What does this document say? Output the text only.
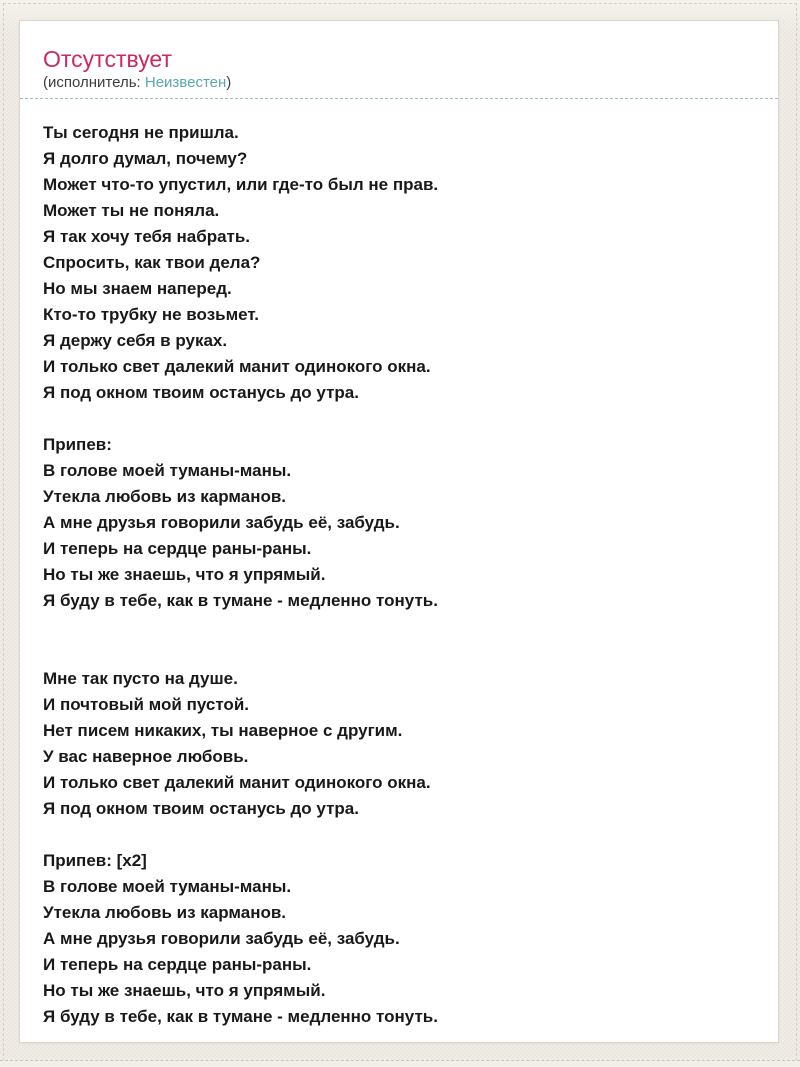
Отсутствует
(исполнитель: Неизвестен)
Ты сегодня не пришла.
Я долго думал, почему?
Может что-то упустил, или где-то был не прав.
Может ты не поняла.
Я так хочу тебя набрать.
Спросить, как твои дела?
Но мы знаем наперед.
Кто-то трубку не возьмет.
Я держу себя в руках.
И только свет далекий манит одинокого окна.
Я под окном твоим останусь до утра.
Припев:
В голове моей туманы-маны.
Утекла любовь из карманов.
А мне друзья говорили забудь её, забудь.
И теперь на сердце раны-раны.
Но ты же знаешь, что я упрямый.
Я буду в тебе, как в тумане - медленно тонуть.
Мне так пусто на душе.
И почтовый мой пустой.
Нет писем никаких, ты наверное с другим.
У вас наверное любовь.
И только свет далекий манит одинокого окна.
Я под окном твоим останусь до утра.
Припев: [x2]
В голове моей туманы-маны.
Утекла любовь из карманов.
А мне друзья говорили забудь её, забудь.
И теперь на сердце раны-раны.
Но ты же знаешь, что я упрямый.
Я буду в тебе, как в тумане - медленно тонуть.
